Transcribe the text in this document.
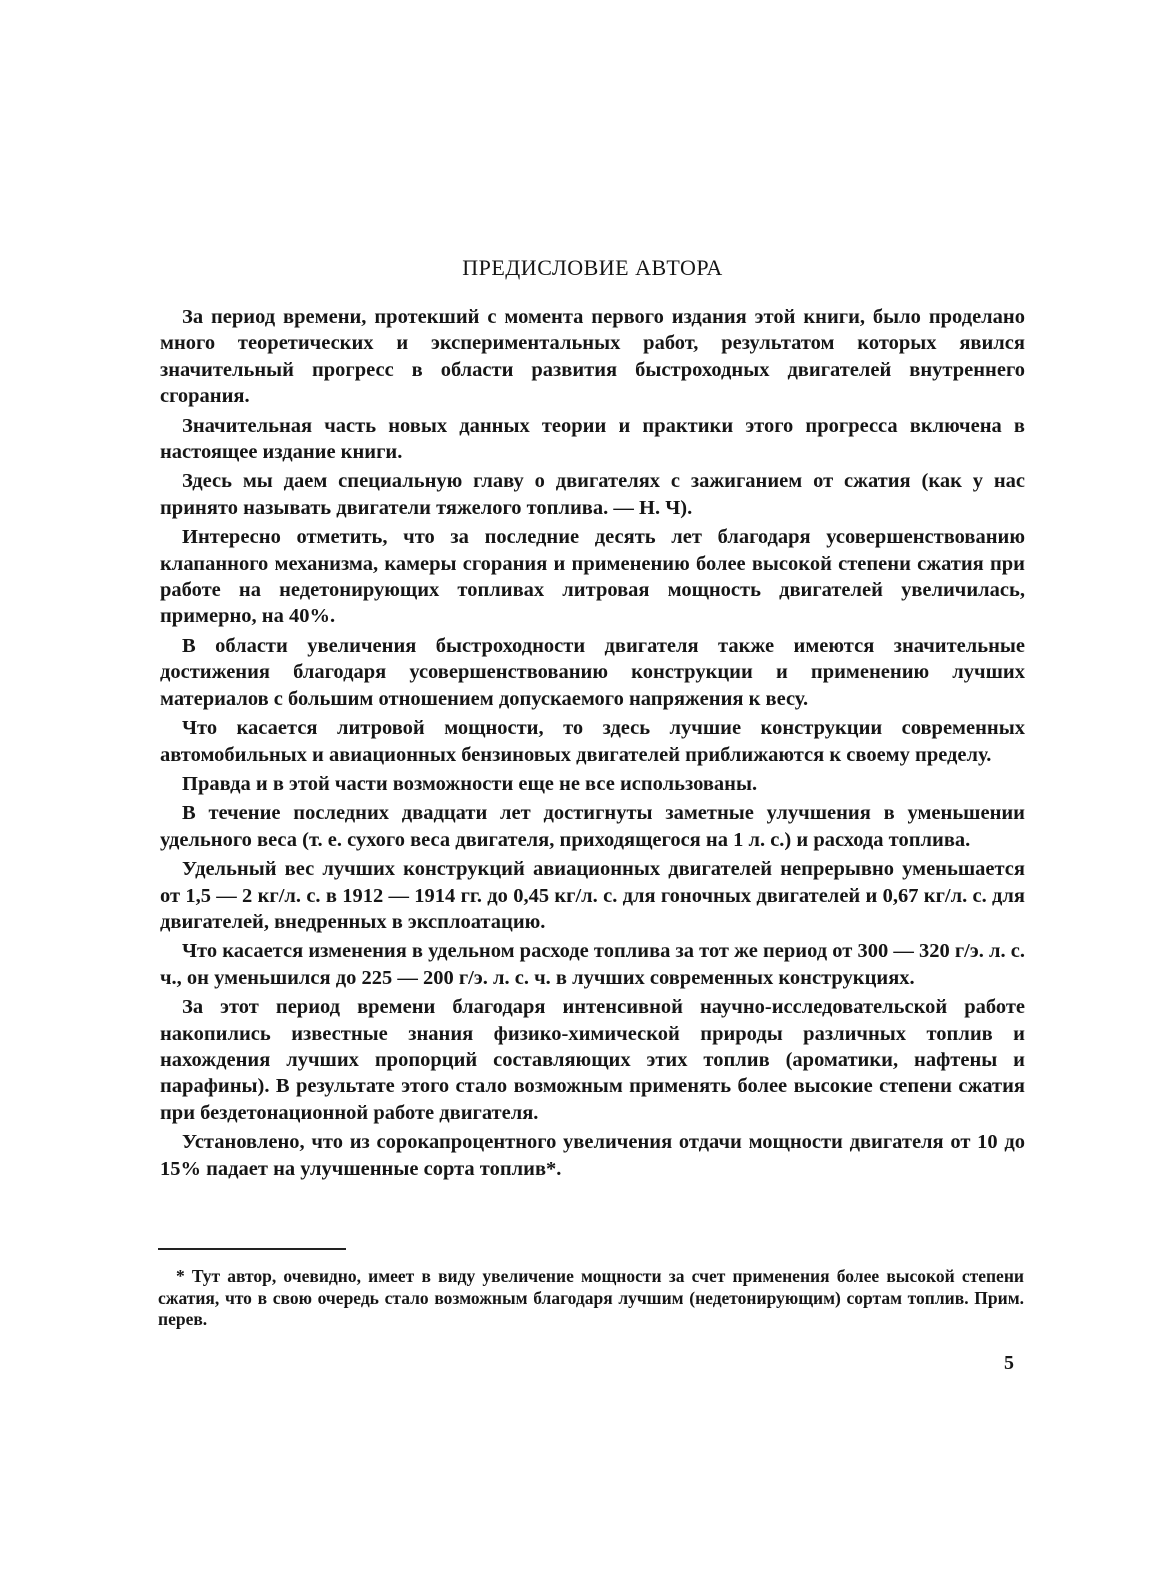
ПРЕДИСЛОВИЕ АВТОРА

За период времени, протекший с момента первого издания этой книги, было проделано много теоретических и экспериментальных работ, результатом которых явился значительный прогресс в области развития быстроходных двигателей внутреннего сгорания.

Значительная часть новых данных теории и практики этого прогресса включена в настоящее издание книги.

Здесь мы даем специальную главу о двигателях с зажиганием от сжатия (как у нас принято называть двигатели тяжелого топлива. — Н. Ч).

Интересно отметить, что за последние десять лет благодаря усовершенствованию клапанного механизма, камеры сгорания и применению более высокой степени сжатия при работе на недетонирующих топливах литровая мощность двигателей увеличилась, примерно, на 40%.

В области увеличения быстроходности двигателя также имеются значительные достижения благодаря усовершенствованию конструкции и применению лучших материалов с большим отношением допускаемого напряжения к весу.

Что касается литровой мощности, то здесь лучшие конструкции современных автомобильных и авиационных бензиновых двигателей приближаются к своему пределу.

Правда и в этой части возможности еще не все использованы.

В течение последних двадцати лет достигнуты заметные улучшения в уменьшении удельного веса (т. е. сухого веса двигателя, приходящегося на 1 л. с.) и расхода топлива.

Удельный вес лучших конструкций авиационных двигателей непрерывно уменьшается от 1,5 — 2 кг/л. с. в 1912 — 1914 гг. до 0,45 кг/л. с. для гоночных двигателей и 0,67 кг/л. с. для двигателей, внедренных в эксплоатацию.

Что касается изменения в удельном расходе топлива за тот же период от 300 — 320 г/э. л. с. ч., он уменьшился до 225 — 200 г/э. л. с. ч. в лучших современных конструкциях.

За этот период времени благодаря интенсивной научно-исследовательской работе накопились известные знания физико-химической природы различных топлив и нахождения лучших пропорций составляющих этих топлив (ароматики, нафтены и парафины). В результате этого стало возможным применять более высокие степени сжатия при бездетонационной работе двигателя.

Установлено, что из сорокапроцентного увеличения отдачи мощности двигателя от 10 до 15% падает на улучшенные сорта топлив*.

* Тут автор, очевидно, имеет в виду увеличение мощности за счет применения более высокой степени сжатия, что в свою очередь стало возможным благодаря лучшим (недетонирующим) сортам топлив. Прим. перев.

5
